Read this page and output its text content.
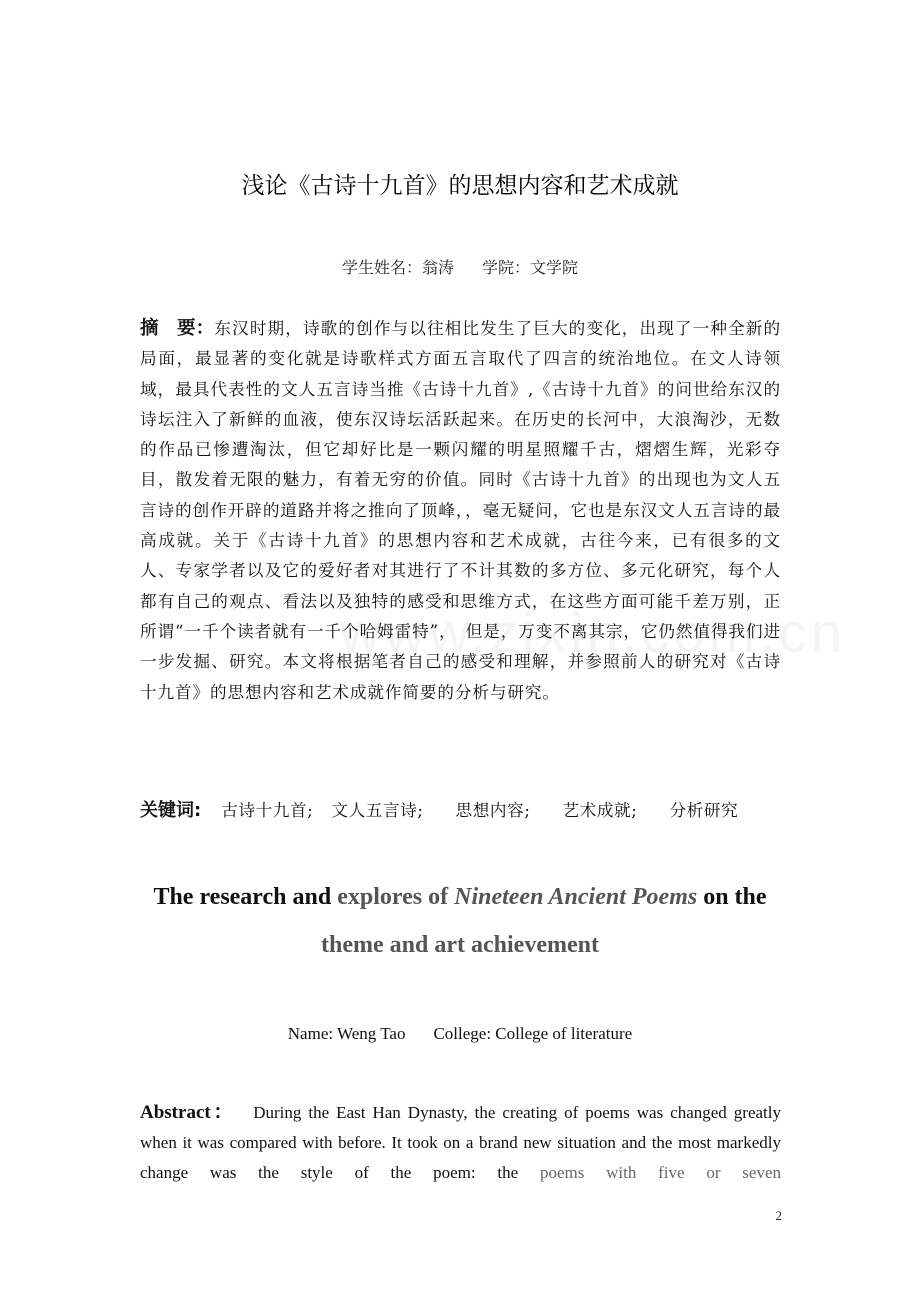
浅论《古诗十九首》的思想内容和艺术成就
学生姓名：翁涛 学院：文学院
摘 要：东汉时期，诗歌的创作与以往相比发生了巨大的变化，出现了一种全新的局面，最显著的变化就是诗歌样式方面五言取代了四言的统治地位。在文人诗领域，最具代表性的文人五言诗当推《古诗十九首》,《古诗十九首》的问世给东汉的诗坛注入了新鲜的血液，使东汉诗坛活跃起来。在历史的长河中，大浪淘沙，无数的作品已惨遭淘汰，但它却好比是一颗闪耀的明星照耀千古，熠熠生辉，光彩夺目，散发着无限的魅力，有着无穷的价值。同时《古诗十九首》的出现也为文人五言诗的创作开辟的道路并将之推向了顶峰，，毫无疑问，它也是东汉文人五言诗的最高成就。关于《古诗十九首》的思想内容和艺术成就，古往今来，已有很多的文人、专家学者以及它的爱好者对其进行了不计其数的多方位、多元化研究，每个人都有自己的观点、看法以及独特的感受和思维方式，在这些方面可能千差万别，正所谓“一千个读者就有一千个哈姆雷特”，　但是，万变不离其宗，它仍然值得我们进一步发掘、研究。本文将根据笔者自己的感受和理解，并参照前人的研究对《古诗十九首》的思想内容和艺术成就作简要的分析与研究。
关键词: 古诗十九首; 文人五言诗; 思想内容; 艺术成就; 分析研究
The research and explores of Nineteen Ancient Poems on the
theme and art achievement
Name: Weng Tao College: College of literature
Abstract： During the East Han Dynasty, the creating of poems was changed greatly when it was compared with before. It took on a brand new situation and the most markedly change was the style of the poem: the poems with five or seven
2
